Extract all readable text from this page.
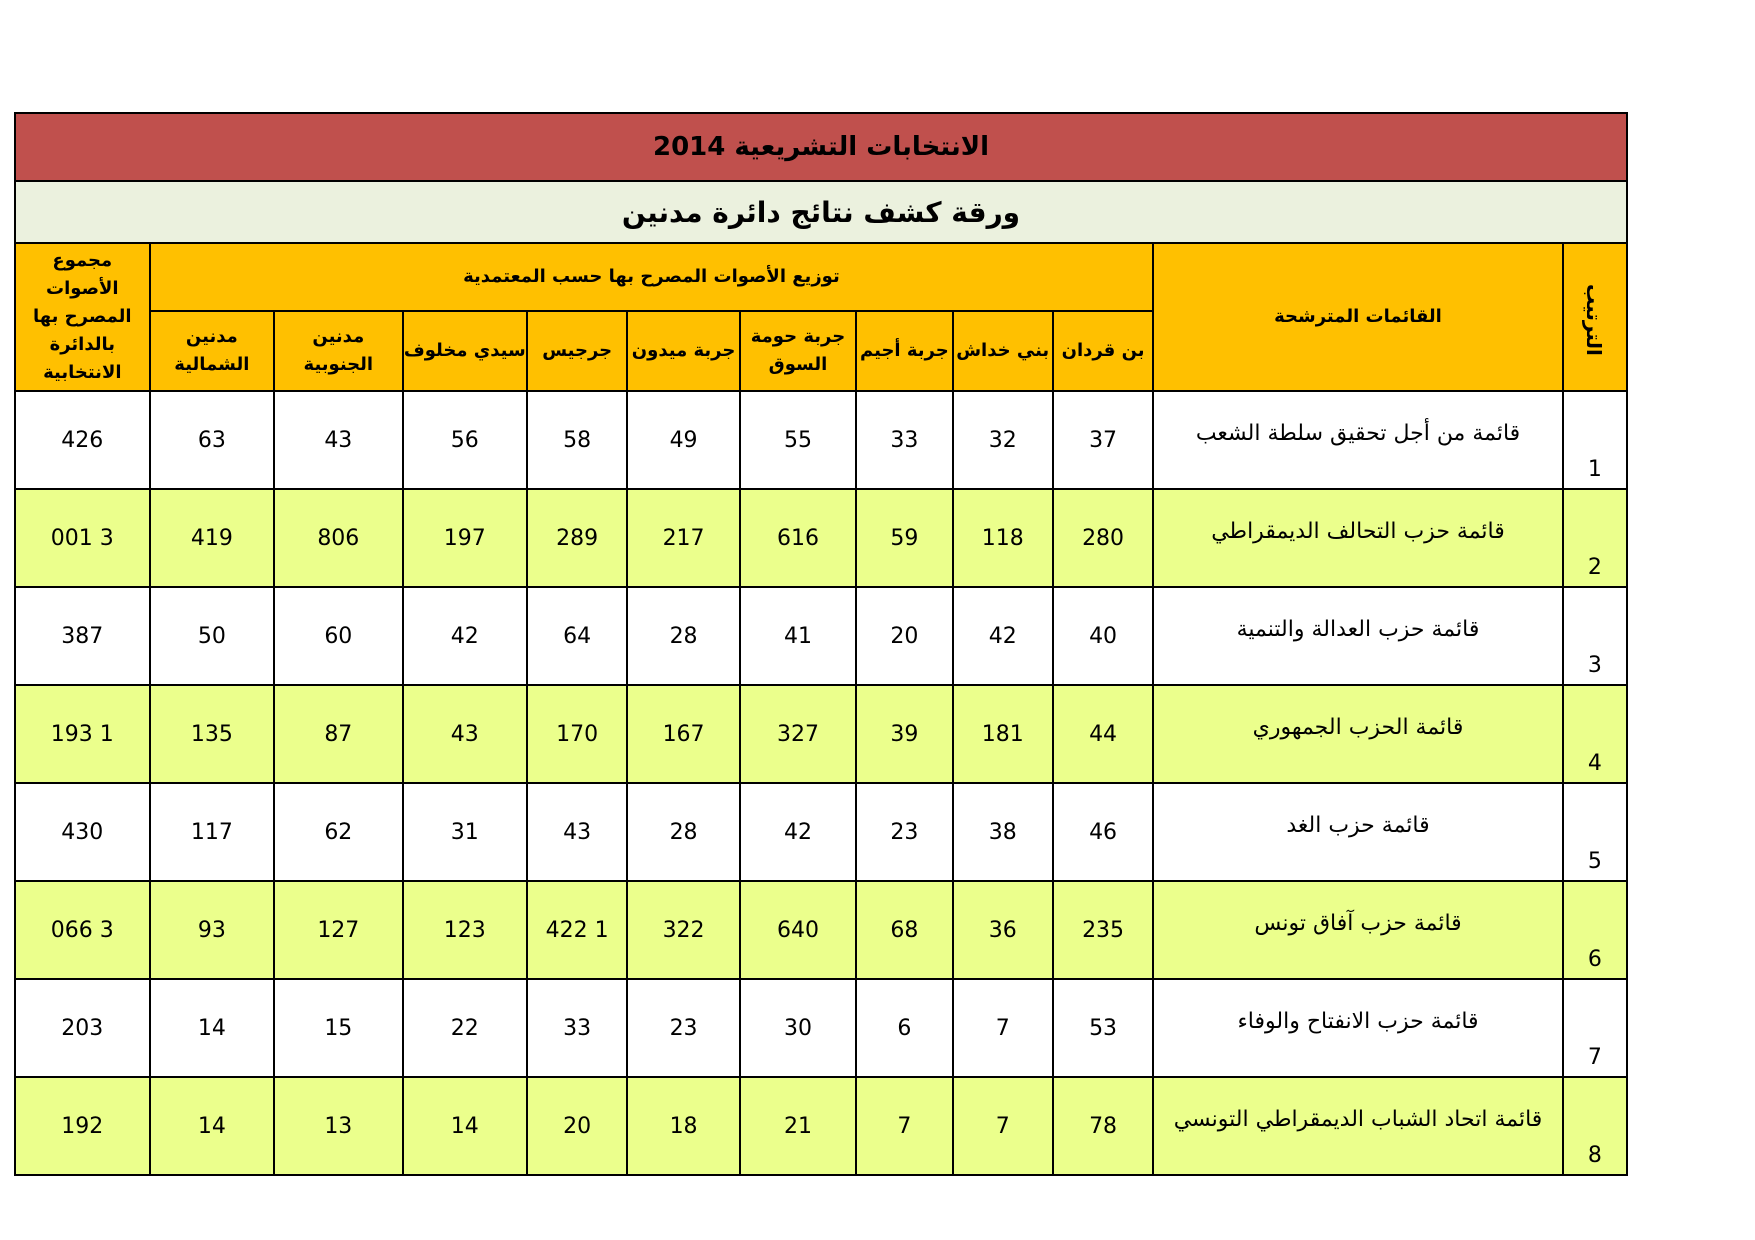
الانتخابات التشريعية 2014
ورقة كشف نتائج دائرة مدنين
الترتيب	القائمات المترشحة	توزيع الأصوات المصرح بها حسب المعتمدية									مجموع الأصوات المصرح بها بالدائرة الانتخابية
		بن قردان	بني خداش	جربة أجيم	جربة حومة السوق	جربة ميدون	جرجيس	سيدي مخلوف	مدنين الجنوبية	مدنين الشمالية	
1	قائمة من أجل تحقيق سلطة الشعب	37	32	33	55	49	58	56	43	63	426
2	قائمة حزب التحالف الديمقراطي	280	118	59	616	217	289	197	806	419	3 001
3	قائمة حزب العدالة والتنمية	40	42	20	41	28	64	42	60	50	387
4	قائمة الحزب الجمهوري	44	181	39	327	167	170	43	87	135	1 193
5	قائمة حزب الغد	46	38	23	42	28	43	31	62	117	430
6	قائمة حزب آفاق تونس	235	36	68	640	322	1 422	123	127	93	3 066
7	قائمة حزب الانفتاح والوفاء	53	7	6	30	23	33	22	15	14	203
8	قائمة اتحاد الشباب الديمقراطي التونسي	78	7	7	21	18	20	14	13	14	192
